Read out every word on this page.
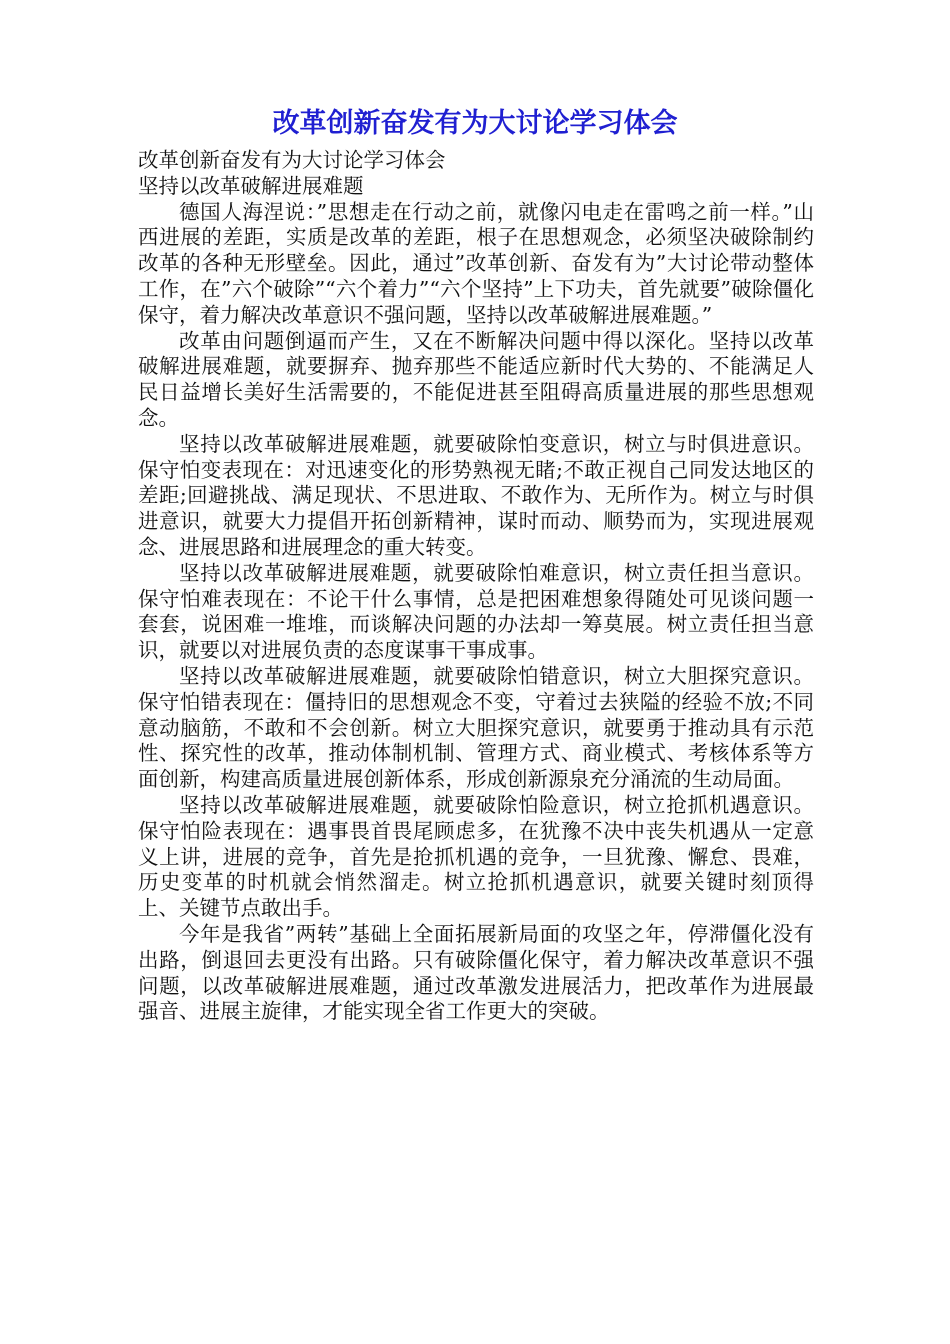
改革创新奋发有为大讨论学习体会

改革创新奋发有为大讨论学习体会

坚持以改革破解进展难题

德国人海涅说：”思想走在行动之前，就像闪电走在雷鸣之前一样。”山西进展的差距，实质是改革的差距，根子在思想观念，必须坚决破除制约改革的各种无形壁垒。因此，通过”改革创新、奋发有为”大讨论带动整体工作，在”六个破除”“六个着力”“六个坚持”上下功夫，首先就要”破除僵化保守，着力解决改革意识不强问题，坚持以改革破解进展难题。”

改革由问题倒逼而产生，又在不断解决问题中得以深化。坚持以改革破解进展难题，就要摒弃、抛弃那些不能适应新时代大势的、不能满足人民日益增长美好生活需要的，不能促进甚至阻碍高质量进展的那些思想观念。

坚持以改革破解进展难题，就要破除怕变意识，树立与时俱进意识。保守怕变表现在：对迅速变化的形势熟视无睹;不敢正视自己同发达地区的差距;回避挑战、满足现状、不思进取、不敢作为、无所作为。树立与时俱进意识，就要大力提倡开拓创新精神，谋时而动、顺势而为，实现进展观念、进展思路和进展理念的重大转变。

坚持以改革破解进展难题，就要破除怕难意识，树立责任担当意识。保守怕难表现在：不论干什么事情，总是把困难想象得随处可见谈问题一套套，说困难一堆堆，而谈解决问题的办法却一筹莫展。树立责任担当意识，就要以对进展负责的态度谋事干事成事。

坚持以改革破解进展难题，就要破除怕错意识，树立大胆探究意识。保守怕错表现在：僵持旧的思想观念不变，守着过去狭隘的经验不放;不同意动脑筋，不敢和不会创新。树立大胆探究意识，就要勇于推动具有示范性、探究性的改革，推动体制机制、管理方式、商业模式、考核体系等方面创新，构建高质量进展创新体系，形成创新源泉充分涌流的生动局面。

坚持以改革破解进展难题，就要破除怕险意识，树立抢抓机遇意识。保守怕险表现在：遇事畏首畏尾顾虑多，在犹豫不决中丧失机遇从一定意义上讲，进展的竞争，首先是抢抓机遇的竞争，一旦犹豫、懈怠、畏难，历史变革的时机就会悄然溜走。树立抢抓机遇意识，就要关键时刻顶得上、关键节点敢出手。

今年是我省”两转”基础上全面拓展新局面的攻坚之年，停滞僵化没有出路，倒退回去更没有出路。只有破除僵化保守，着力解决改革意识不强问题，以改革破解进展难题，通过改革激发进展活力，把改革作为进展最强音、进展主旋律，才能实现全省工作更大的突破。
